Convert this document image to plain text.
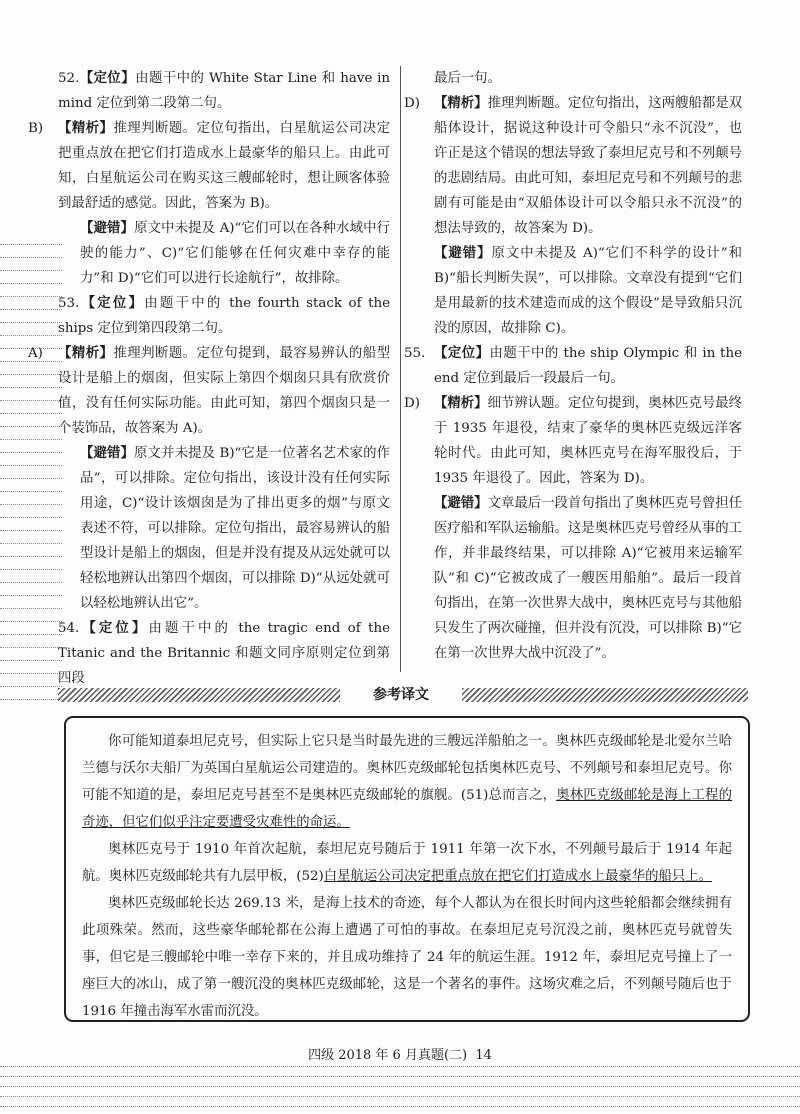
52.【定位】由题干中的 White Star Line 和 have in mind 定位到第二段第二句。
B) 【精析】推理判断题。定位句指出，白星航运公司决定把重点放在把它们打造成水上最豪华的船只上。由此可知，白星航运公司在购买这三艘邮轮时，想让顾客体验到最舒适的感觉。因此，答案为 B)。
【避错】原文中未提及 A)“它们可以在各种水域中行驶的能力”、C)“它们能够在任何灾难中幸存的能力”和 D)“它们可以进行长途航行”，故排除。
53.【定位】由题干中的 the fourth stack of the ships 定位到第四段第二句。
A) 【精析】推理判断题。定位句提到，最容易辨认的船型设计是船上的烟囱，但实际上第四个烟囱只具有欣赏价值，没有任何实际功能。由此可知，第四个烟囱只是一个装饰品，故答案为 A)。
【避错】原文并未提及 B)“它是一位著名艺术家的作品”，可以排除。定位句指出，该设计没有任何实际用途，C)“设计该烟囱是为了排出更多的烟”与原文表述不符，可以排除。定位句指出，最容易辨认的船型设计是船上的烟囱，但是并没有提及从远处就可以轻松地辨认出第四个烟囱，可以排除 D)“从远处就可以轻松地辨认出它”。
54.【定位】由题干中的 the tragic end of the Titanic and the Britannic 和题文同序原则定位到第四段
最后一句。
D) 【精析】推理判断题。定位句指出，这两艘船都是双船体设计，据说这种设计可令船只“永不沉没”，也许正是这个错误的想法导致了泰坦尼克号和不列颠号的悲剧结局。由此可知，泰坦尼克号和不列颠号的悲剧有可能是由“双船体设计可以令船只永不沉没”的想法导致的，故答案为 D)。
【避错】原文中未提及 A)“它们不科学的设计”和 B)“船长判断失误”，可以排除。文章没有提到“它们是用最新的技术建造而成的这个假设”是导致船只沉没的原因，故排除 C)。
55. 【定位】由题干中的 the ship Olympic 和 in the end 定位到最后一段最后一句。
D) 【精析】细节辨认题。定位句提到，奥林匹克号最终于 1935 年退役，结束了豪华的奥林匹克级远洋客轮时代。由此可知，奥林匹克号在海军服役后，于 1935 年退役了。因此，答案为 D)。
【避错】文章最后一段首句指出了奥林匹克号曾担任医疗船和军队运输船。这是奥林匹克号曾经从事的工作，并非最终结果，可以排除 A)“它被用来运输军队”和 C)“它被改成了一艘医用船舶”。最后一段首句指出，在第一次世界大战中，奥林匹克号与其他船只发生了两次碰撞，但并没有沉没，可以排除 B)“它在第一次世界大战中沉没了”。
参考译文

你可能知道泰坦尼克号，但实际上它只是当时最先进的三艘远洋船舶之一。奥林匹克级邮轮是北爱尔兰哈兰德与沃尔夫船厂为英国白星航运公司建造的。奥林匹克级邮轮包括奥林匹克号、不列颠号和泰坦尼克号。你可能不知道的是，泰坦尼克号甚至不是奥林匹克级邮轮的旗舰。(51)总而言之，奥林匹克级邮轮是海上工程的奇迹，但它们似乎注定要遭受灾难性的命运。

奥林匹克号于 1910 年首次起航，泰坦尼克号随后于 1911 年第一次下水，不列颠号最后于 1914 年起航。奥林匹克级邮轮共有九层甲板，(52)白星航运公司决定把重点放在把它们打造成水上最豪华的船只上。

奥林匹克级邮轮长达 269.13 米，是海上技术的奇迹，每个人都认为在很长时间内这些轮船都会继续拥有此项殊荣。然而，这些豪华邮轮都在公海上遭遇了可怕的事故。在泰坦尼克号沉没之前，奥林匹克号就曾失事，但它是三艘邮轮中唯一幸存下来的，并且成功维持了 24 年的航运生涯。1912 年，泰坦尼克号撞上了一座巨大的冰山，成了第一艘沉没的奥林匹克级邮轮，这是一个著名的事件。这场灾难之后，不列颠号随后也于 1916 年撞击海军水雷而沉没。

四级 2018 年 6 月真题(二) 14
